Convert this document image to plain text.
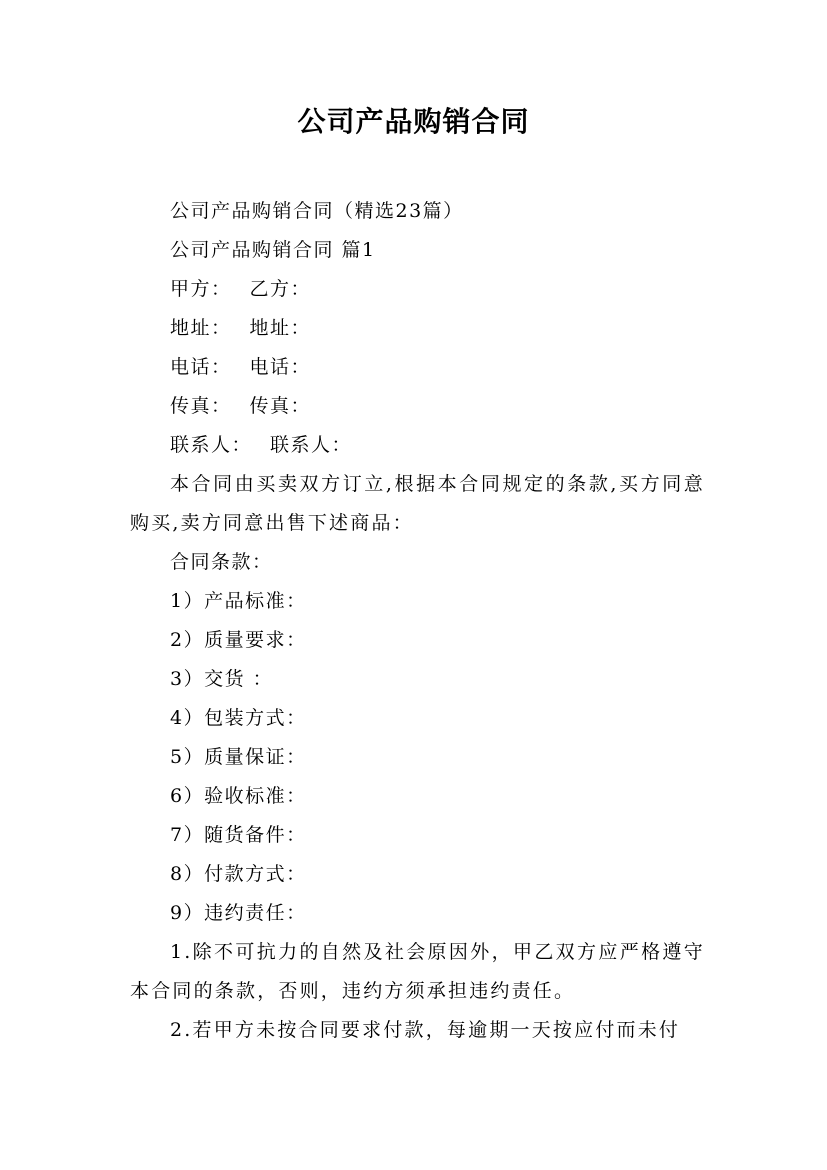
公司产品购销合同

公司产品购销合同（精选23篇）

公司产品购销合同 篇1

甲方： 乙方：

地址： 地址：

电话： 电话：

传真： 传真：

联系人： 联系人：

本合同由买卖双方订立,根据本合同规定的条款,买方同意购买,卖方同意出售下述商品：

合同条款：

1）产品标准：

2）质量要求：

3）交货 ：

4）包装方式：

5）质量保证：

6）验收标准：

7）随货备件：

8）付款方式：

9）违约责任：

1.除不可抗力的自然及社会原因外，甲乙双方应严格遵守本合同的条款，否则，违约方须承担违约责任。

2.若甲方未按合同要求付款，每逾期一天按应付而未付
